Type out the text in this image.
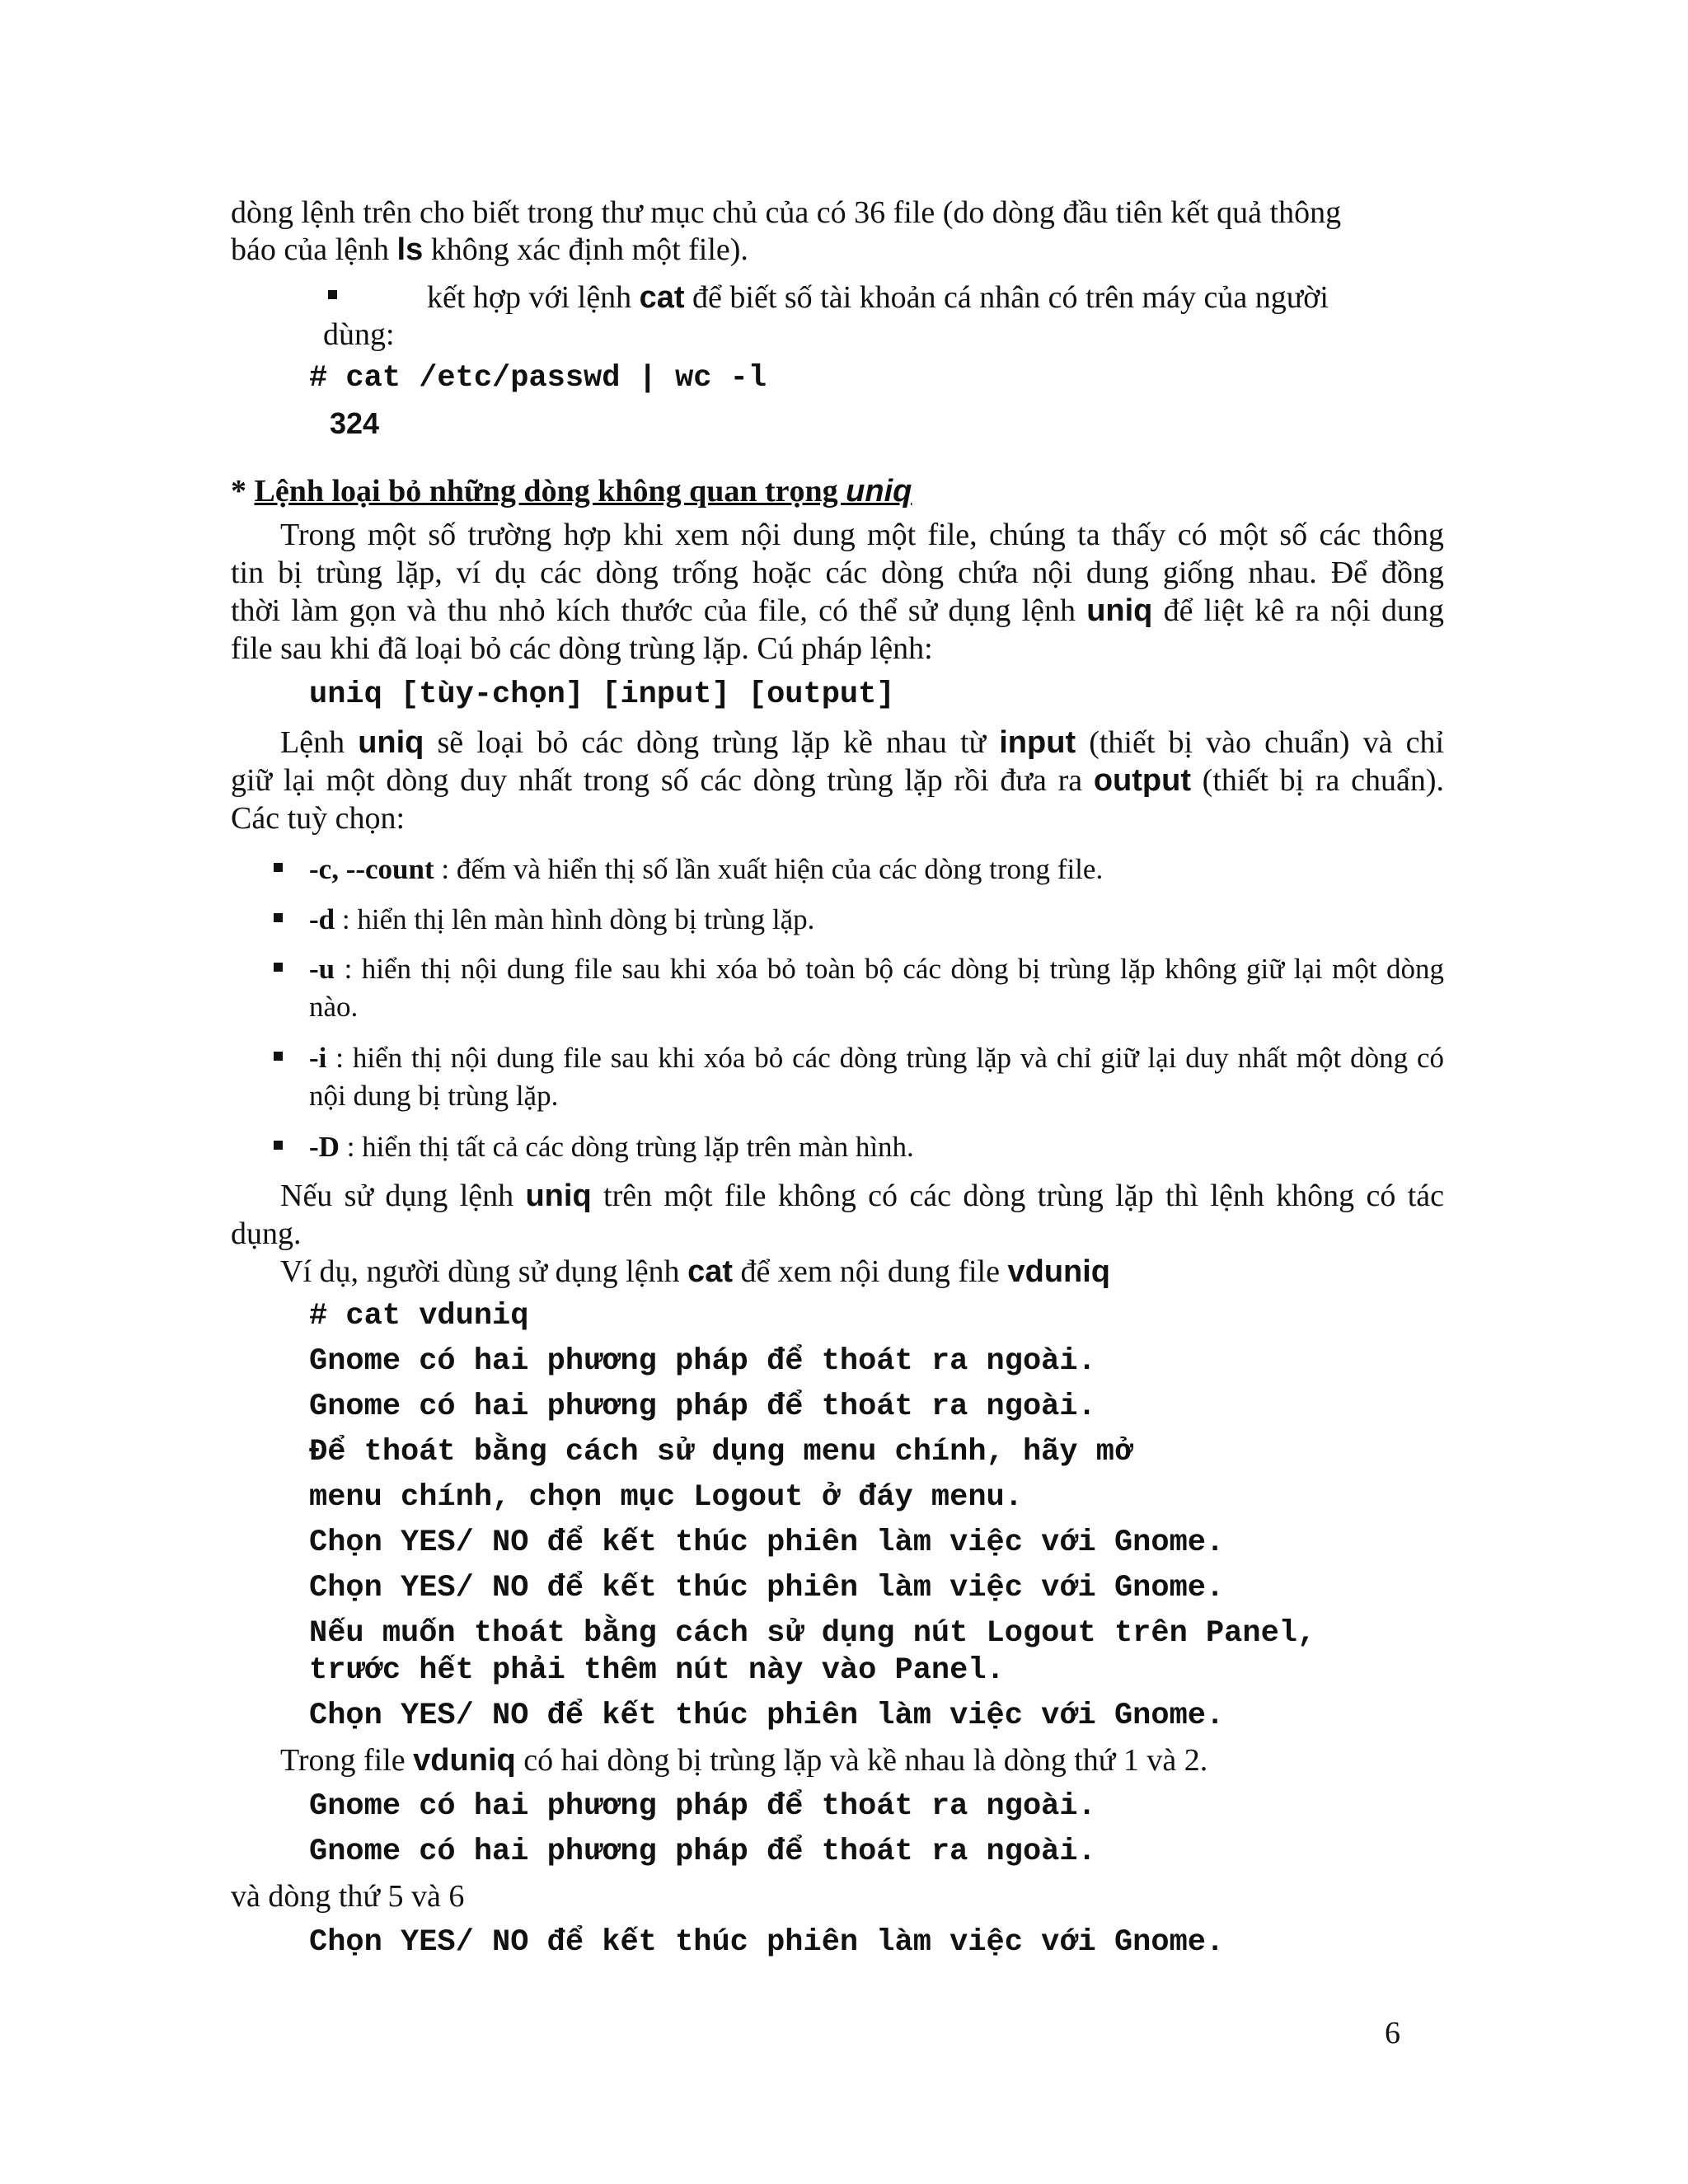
dòng lệnh trên cho biết trong thư mục chủ của có 36 file (do dòng đầu tiên kết quả thông
báo của lệnh ls không xác định một file).
kết hợp với lệnh cat để biết số tài khoản cá nhân có trên máy của người
dùng:
# cat /etc/passwd | wc -l
324
* Lệnh loại bỏ những dòng không quan trọng uniq
Trong một số trường hợp khi xem nội dung một file, chúng ta thấy có một số các thông
tin bị trùng lặp, ví dụ các dòng trống hoặc các dòng chứa nội dung giống nhau. Để đồng
thời làm gọn và thu nhỏ kích thước của file, có thể sử dụng lệnh uniq để liệt kê ra nội dung
file sau khi đã loại bỏ các dòng trùng lặp. Cú pháp lệnh:
uniq [tùy-chọn] [input] [output]
Lệnh uniq sẽ loại bỏ các dòng trùng lặp kề nhau từ input (thiết bị vào chuẩn) và chỉ
giữ lại một dòng duy nhất trong số các dòng trùng lặp rồi đưa ra output (thiết bị ra chuẩn).
Các tuỳ chọn:
-c, --count : đếm và hiển thị số lần xuất hiện của các dòng trong file.
-d : hiển thị lên màn hình dòng bị trùng lặp.
-u : hiển thị nội dung file sau khi xóa bỏ toàn bộ các dòng bị trùng lặp không giữ lại một dòng
nào.
-i : hiển thị nội dung file sau khi xóa bỏ các dòng trùng lặp và chỉ giữ lại duy nhất một dòng có
nội dung bị trùng lặp.
-D : hiển thị tất cả các dòng trùng lặp trên màn hình.
Nếu sử dụng lệnh uniq trên một file không có các dòng trùng lặp thì lệnh không có tác
dụng.
Ví dụ, người dùng sử dụng lệnh cat để xem nội dung file vduniq
# cat vduniq
Gnome có hai phương pháp để thoát ra ngoài.
Gnome có hai phương pháp để thoát ra ngoài.
Để thoát bằng cách sử dụng menu chính, hãy mở
menu chính, chọn mục Logout ở đáy menu.
Chọn YES/ NO để kết thúc phiên làm việc với Gnome.
Chọn YES/ NO để kết thúc phiên làm việc với Gnome.
Nếu muốn thoát bằng cách sử dụng nút Logout trên Panel,
trước hết phải thêm nút này vào Panel.
Chọn YES/ NO để kết thúc phiên làm việc với Gnome.
Trong file vduniq có hai dòng bị trùng lặp và kề nhau là dòng thứ 1 và 2.
Gnome có hai phương pháp để thoát ra ngoài.
Gnome có hai phương pháp để thoát ra ngoài.
và dòng thứ 5 và 6
Chọn YES/ NO để kết thúc phiên làm việc với Gnome.
6
